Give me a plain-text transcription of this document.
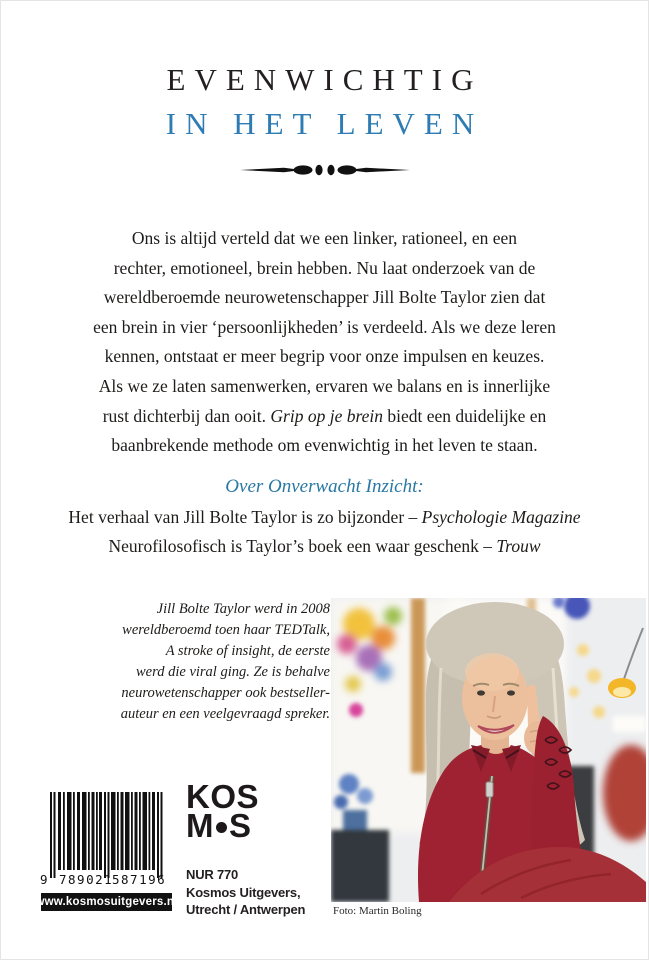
EVENWICHTIG
IN HET LEVEN
Ons is altijd verteld dat we een linker, rationeel, en een
rechter, emotioneel, brein hebben. Nu laat onderzoek van de
wereldberoemde neurowetenschapper Jill Bolte Taylor zien dat
een brein in vier ‘persoonlijkheden’ is verdeeld. Als we deze leren
kennen, ontstaat er meer begrip voor onze impulsen en keuzes.
Als we ze laten samenwerken, ervaren we balans en is innerlijke
rust dichterbij dan ooit. Grip op je brein biedt een duidelijke en
baanbrekende methode om evenwichtig in het leven te staan.
Over Onverwacht Inzicht:
Het verhaal van Jill Bolte Taylor is zo bijzonder – Psychologie Magazine
Neurofilosofisch is Taylor’s boek een waar geschenk – Trouw
Jill Bolte Taylor werd in 2008
wereldberoemd toen haar TEDTalk,
A stroke of insight, de eerste
werd die viral ging. Ze is behalve
neurowetenschapper ook bestseller-
auteur en een veelgevraagd spreker.
Foto: Martin Boling
9 789021
587196
www.kosmosuitgevers.nl
KOS
M S
NUR 770
Kosmos Uitgevers,
Utrecht / Antwerpen
